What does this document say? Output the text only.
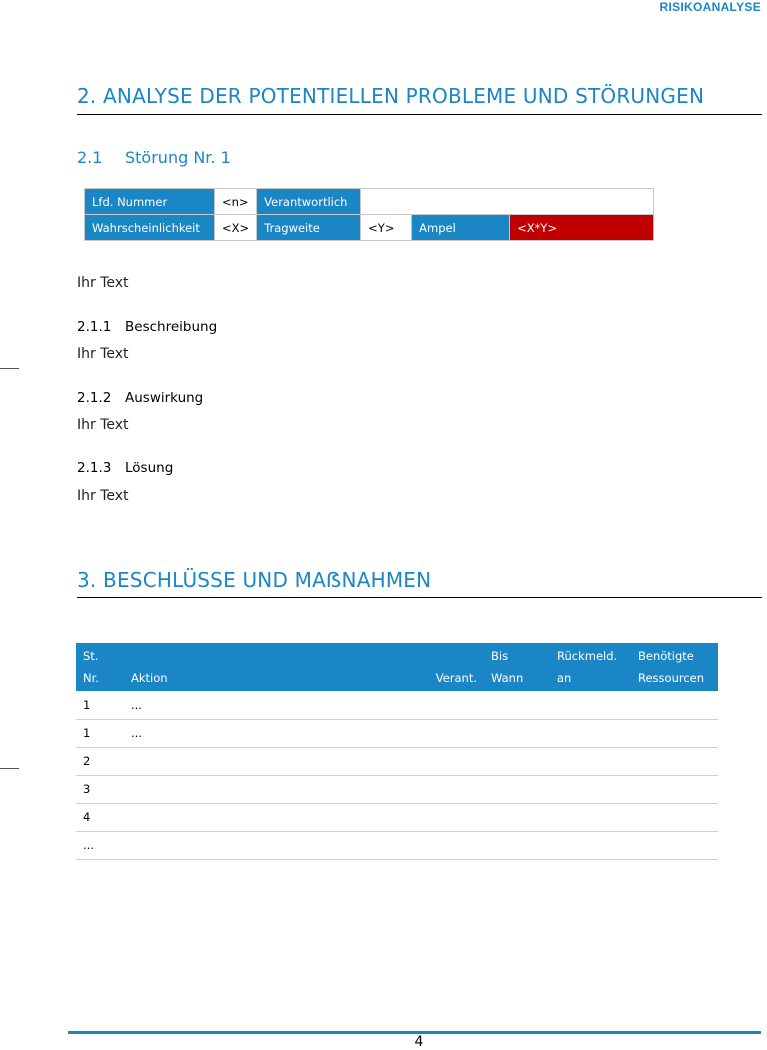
RISIKOANALYSE
2. ANALYSE DER POTENTIELLEN PROBLEME UND STÖRUNGEN
2.1 Störung Nr. 1
Lfd. Nummer	<n>	Verantwortlich			
Wahrscheinlichkeit	<X>	Tragweite	<Y>	Ampel	<X*Y>
Ihr Text
2.1.1 Beschreibung
Ihr Text
2.1.2 Auswirkung
Ihr Text
2.1.3 Lösung
Ihr Text
3. BESCHLÜSSE UND MAẞNAHMEN
St.			Bis	Rückmeld.	Benötigte
Nr.	Aktion	Verant.	Wann	an	Ressourcen
1	...				
1	...				
2					
3					
4					
...					
4
